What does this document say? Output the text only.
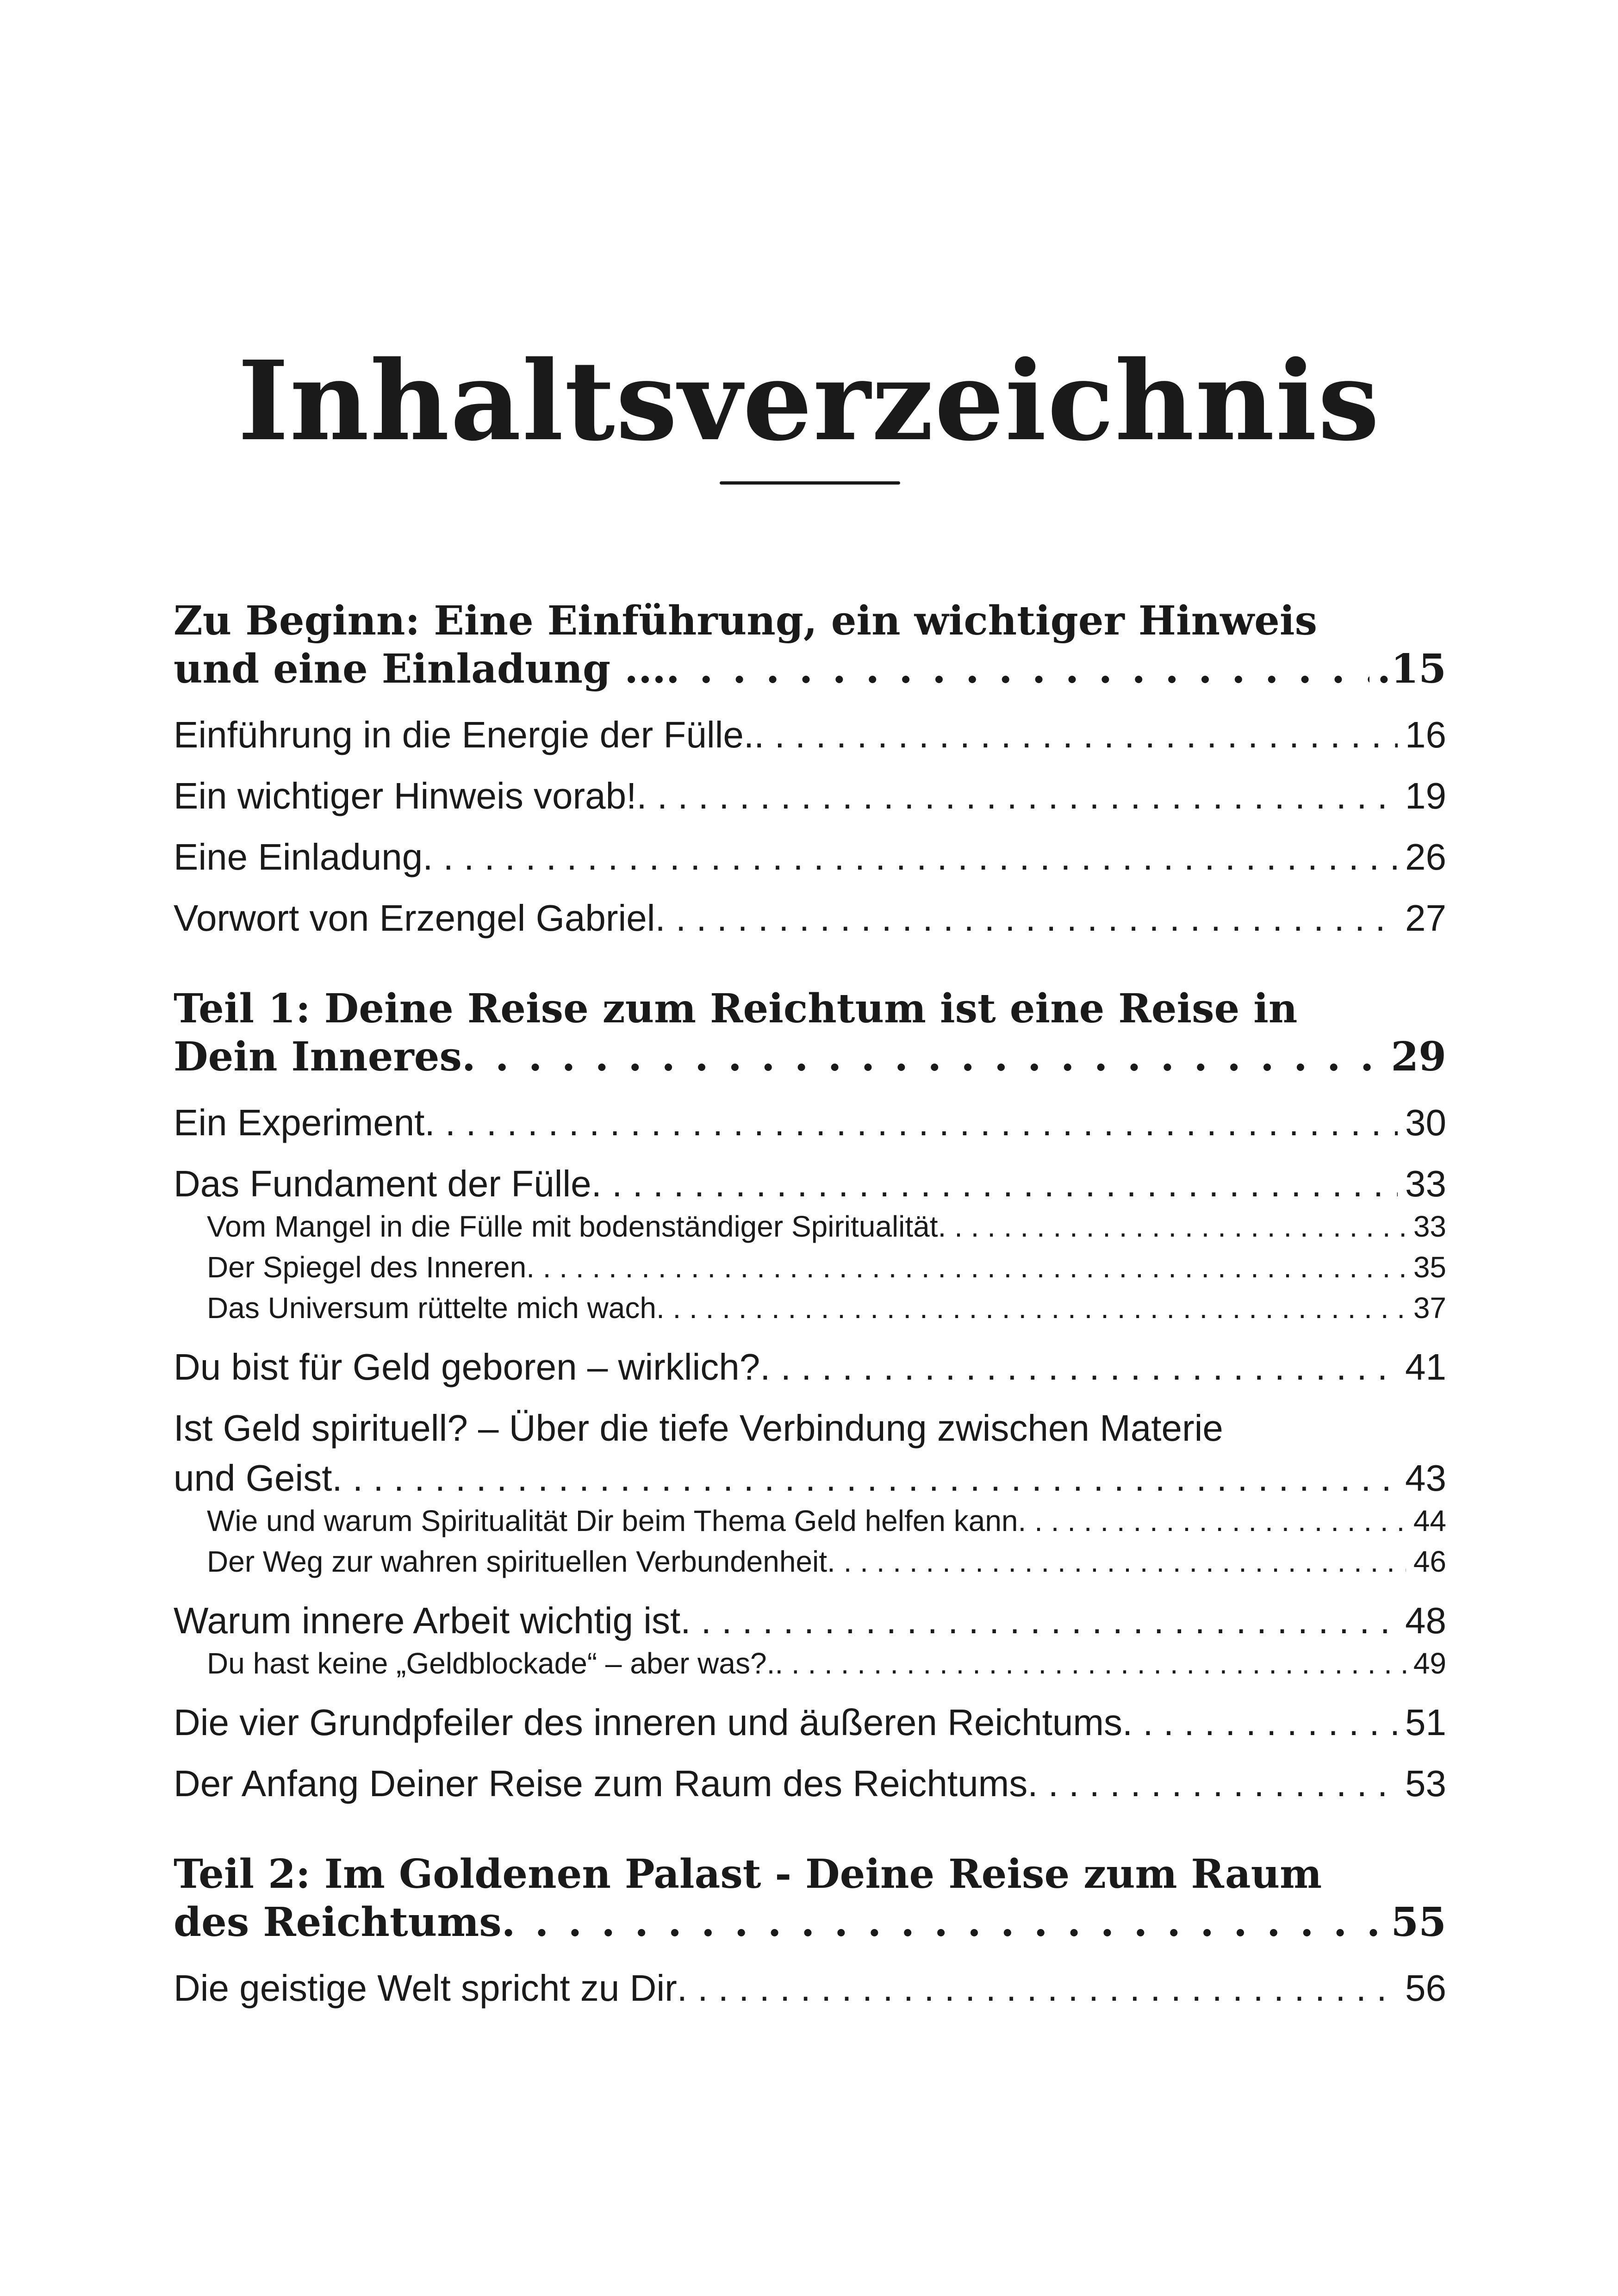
Inhaltsverzeichnis
Zu Beginn: Eine Einführung, ein wichtiger Hinweis
und eine Einladung ... . . .	.15
Einführung in die Energie der Fülle. . . .	16
Ein wichtiger Hinweis vorab! . . .	19
Eine Einladung . . .	26
Vorwort von Erzengel Gabriel . . .	27
Teil 1: Deine Reise zum Reichtum ist eine Reise in
Dein Inneres . . .	29
Ein Experiment . . .	30
Das Fundament der Fülle . . .	33
Vom Mangel in die Fülle mit bodenständiger Spiritualität . . .	33
Der Spiegel des Inneren . . .	35
Das Universum rüttelte mich wach . . .	37
Du bist für Geld geboren – wirklich? . . .	41
Ist Geld spirituell? – Über die tiefe Verbindung zwischen Materie
und Geist . . .	43
Wie und warum Spiritualität Dir beim Thema Geld helfen kann . . .	44
Der Weg zur wahren spirituellen Verbundenheit . . .	46
Warum innere Arbeit wichtig ist . . .	48
Du hast keine „Geldblockade“ – aber was?. . . .	49
Die vier Grundpfeiler des inneren und äußeren Reichtums . . .	51
Der Anfang Deiner Reise zum Raum des Reichtums . . .	53
Teil 2: Im Goldenen Palast - Deine Reise zum Raum
des Reichtums . . .	55
Die geistige Welt spricht zu Dir . . .	56
